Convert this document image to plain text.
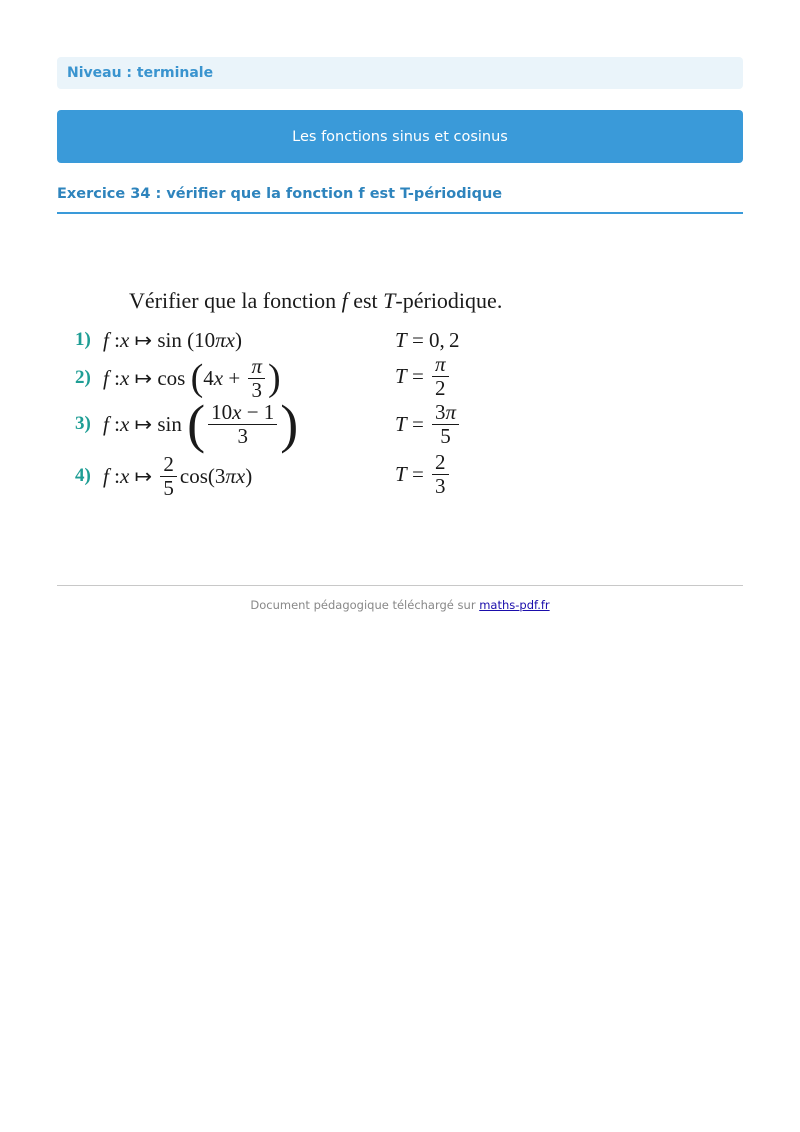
Niveau : terminale
Les fonctions sinus et cosinus
Exercice 34 : vérifier que la fonction f est T-périodique
Vérifier que la fonction f est T-périodique.
1) f : x ↦ sin (10 πx )	T = 0, 2
2) f : x ↦ cos ( 4 $x + \frac{\pi}{3}$ )	$T = \frac{\pi}{2}$
3) f : x ↦ sin ( $\frac{10x - 1}{3}$ )	$T = \frac{3\pi}{5}$
4) f : x ↦ $\frac{2}{5} \cos(3$ πx )	$T = \frac{2}{3}$
Document pédagogique téléchargé sur maths-pdf.fr
